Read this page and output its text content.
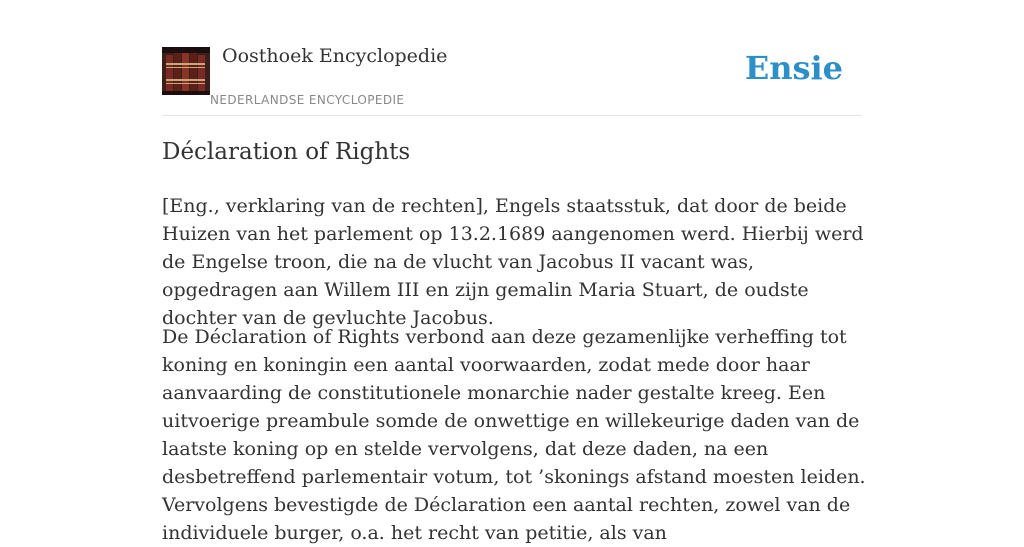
Oosthoek Encyclopedie
NEDERLANDSE ENCYCLOPEDIE
Ensie
Déclaration of Rights

[Eng., verklaring van de rechten], Engels staatsstuk, dat door de beide Huizen van het parlement op 13.2.1689 aangenomen werd. Hierbij werd de Engelse troon, die na de vlucht van Jacobus II vacant was, opgedragen aan Willem III en zijn gemalin Maria Stuart, de oudste dochter van de gevluchte Jacobus.

De Déclaration of Rights verbond aan deze gezamenlijke verheffing tot koning en koningin een aantal voorwaarden, zodat mede door haar aanvaarding de constitutionele monarchie nader gestalte kreeg. Een uitvoerige preambule somde de onwettige en willekeurige daden van de laatste koning op en stelde vervolgens, dat deze daden, na een desbetreffend parlementair votum, tot ’skonings afstand moesten leiden. Vervolgens bevestigde de Déclaration een aantal rechten, zowel van de individuele burger, o.a. het recht van petitie, als van
